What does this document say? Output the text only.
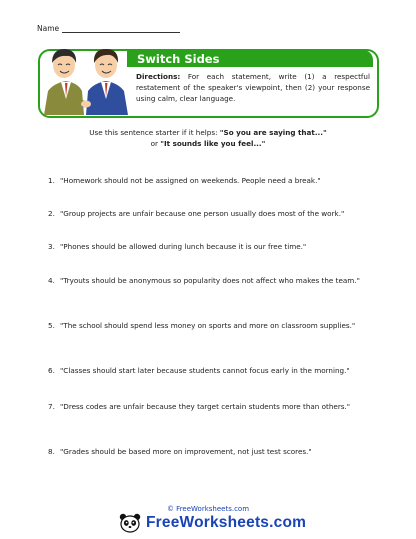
Name
Switch Sides
Directions: For each statement, write (1) a respectful restatement of the speaker's viewpoint, then (2) your response using calm, clear language.
Use this sentence starter if it helps: "So you are saying that..."
or "It sounds like you feel..."
1. "Homework should not be assigned on weekends. People need a break."
2. "Group projects are unfair because one person usually does most of the work."
3. "Phones should be allowed during lunch because it is our free time."
4. "Tryouts should be anonymous so popularity does not affect who makes the team."
5. "The school should spend less money on sports and more on classroom supplies."
6. "Classes should start later because students cannot focus early in the morning."
7. "Dress codes are unfair because they target certain students more than others."
8. "Grades should be based more on improvement, not just test scores."
© FreeWorksheets.com
FreeWorksheets.com
